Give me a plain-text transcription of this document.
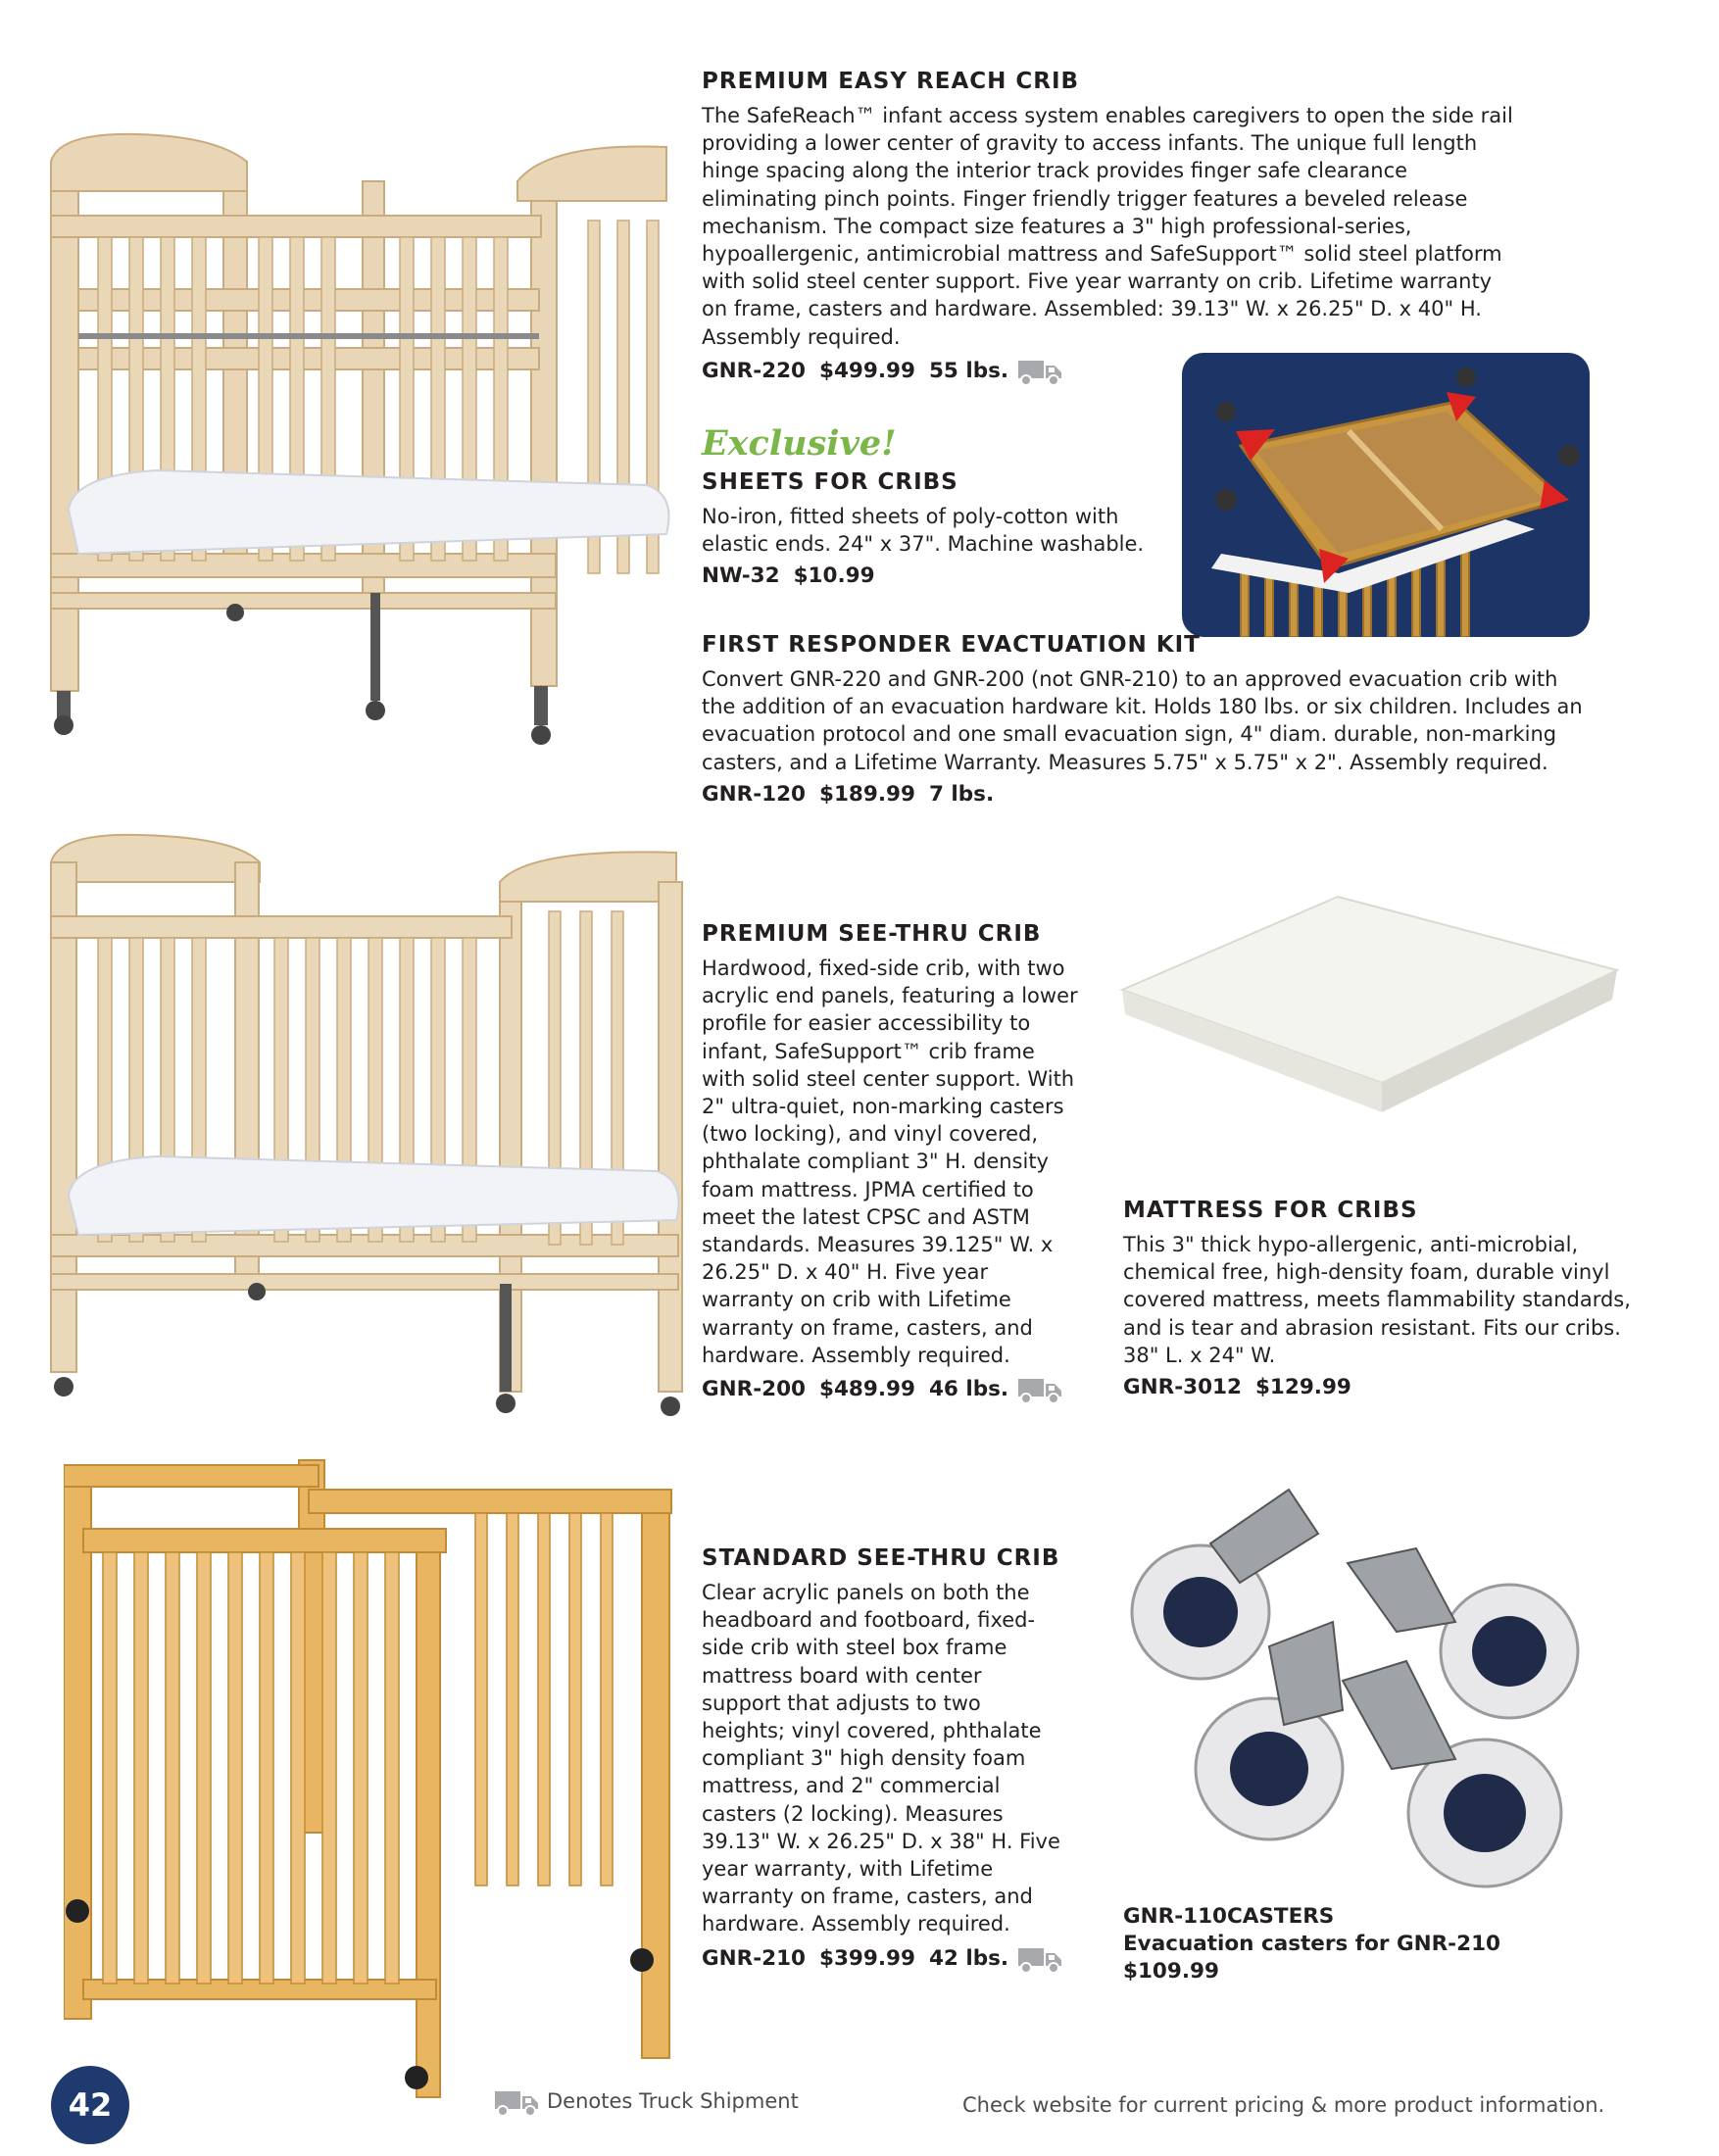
PREMIUM EASY REACH CRIB

The SafeReach™ infant access system enables caregivers to open the side rail providing a lower center of gravity to access infants. The unique full length hinge spacing along the interior track provides finger safe clearance eliminating pinch points. Finger friendly trigger features a beveled release mechanism. The compact size features a 3" high professional-series, hypoallergenic, antimicrobial mattress and SafeSupport™ solid steel platform with solid steel center support. Five year warranty on crib. Lifetime warranty on frame, casters and hardware. Assembled: 39.13" W. x 26.25" D. x 40" H. Assembly required.

GNR-220 $499.99 55 lbs.
Exclusive!
SHEETS FOR CRIBS

No-iron, fitted sheets of poly-cotton with elastic ends. 24" x 37". Machine washable.

NW-32 $10.99
FIRST RESPONDER EVACTUATION KIT

Convert GNR-220 and GNR-200 (not GNR-210) to an approved evacuation crib with the addition of an evacuation hardware kit. Holds 180 lbs. or six children. Includes an evacuation protocol and one small evacuation sign, 4" diam. durable, non-marking casters, and a Lifetime Warranty. Measures 5.75" x 5.75" x 2". Assembly required.

GNR-120 $189.99 7 lbs.
PREMIUM SEE-THRU CRIB

Hardwood, fixed-side crib, with two acrylic end panels, featuring a lower profile for easier accessibility to infant, SafeSupport™ crib frame with solid steel center support. With 2" ultra-quiet, non-marking casters (two locking), and vinyl covered, phthalate compliant 3" H. density foam mattress. JPMA certified to meet the latest CPSC and ASTM standards. Measures 39.125" W. x 26.25" D. x 40" H. Five year warranty on crib with Lifetime warranty on frame, casters, and hardware. Assembly required.

GNR-200 $489.99 46 lbs.
MATTRESS FOR CRIBS

This 3" thick hypo-allergenic, anti-microbial, chemical free, high-density foam, durable vinyl covered mattress, meets flammability standards, and is tear and abrasion resistant. Fits our cribs. 38" L. x 24" W.

GNR-3012 $129.99
STANDARD SEE-THRU CRIB

Clear acrylic panels on both the headboard and footboard, fixed-side crib with steel box frame mattress board with center support that adjusts to two heights; vinyl covered, phthalate compliant 3" high density foam mattress, and 2" commercial casters (2 locking). Measures 39.13" W. x 26.25" D. x 38" H. Five year warranty, with Lifetime warranty on frame, casters, and hardware. Assembly required.

GNR-210 $399.99 42 lbs.
GNR-110CASTERS
Evacuation casters for GNR-210
$109.99
42	Denotes Truck Shipment	Check website for current pricing & more product information.
